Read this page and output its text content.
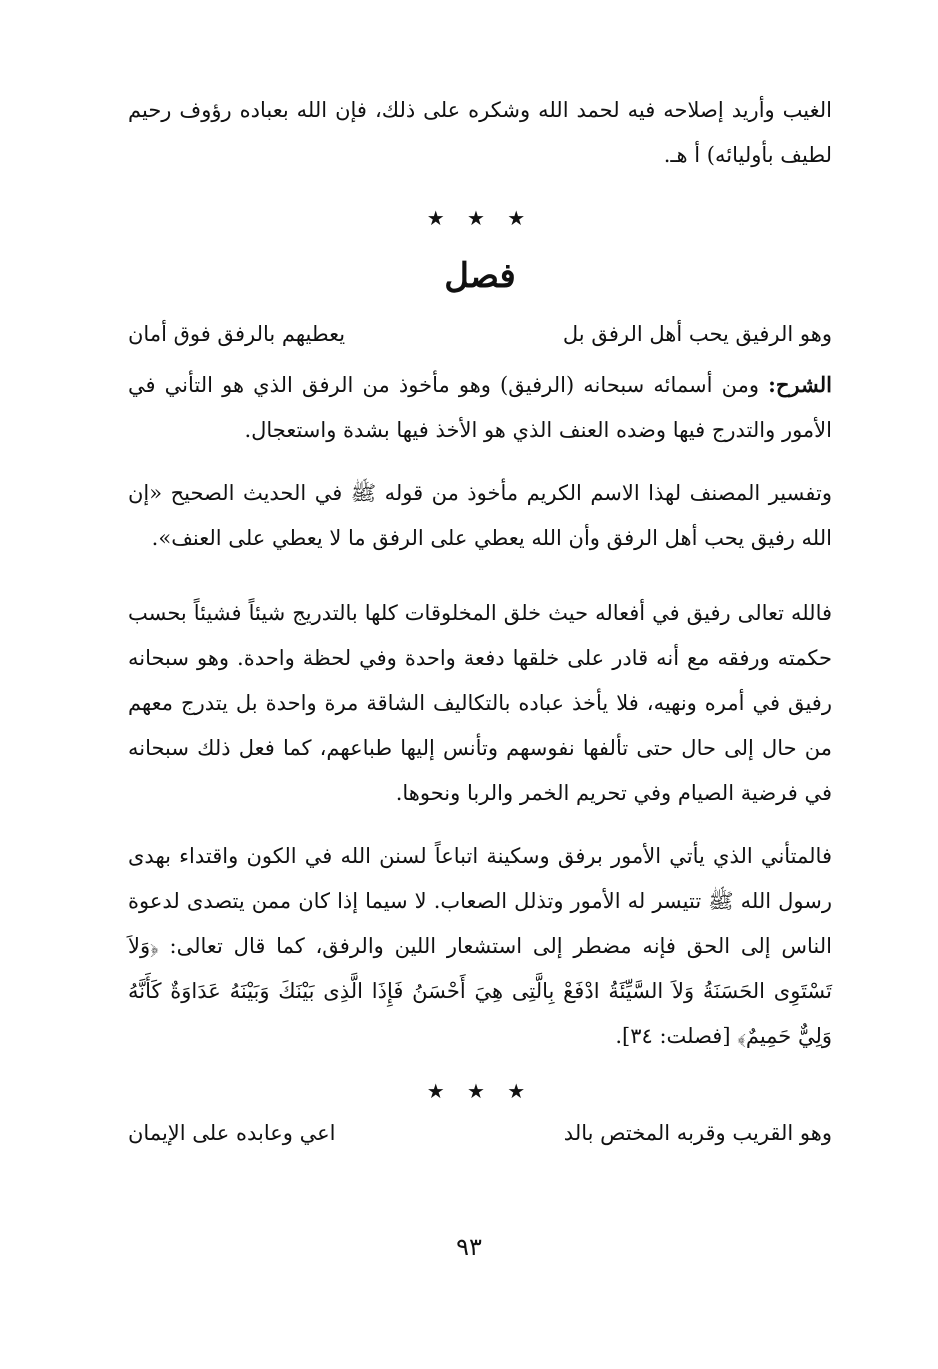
الغيب وأريد إصلاحه فيه لحمد الله وشكره على ذلك، فإن الله بعباده رؤوف رحيم لطيف بأوليائه) أ هـ.

★ ★ ★
فصل
وهو الرفيق يحب أهل الرفق بل
يعطيهم بالرفق فوق أمان

الشرح: ومن أسمائه سبحانه (الرفيق) وهو مأخوذ من الرفق الذي هو التأني في الأمور والتدرج فيها وضده العنف الذي هو الأخذ فيها بشدة واستعجال.

وتفسير المصنف لهذا الاسم الكريم مأخوذ من قوله ﷺ في الحديث الصحيح «إن الله رفيق يحب أهل الرفق وأن الله يعطي على الرفق ما لا يعطي على العنف».

فالله تعالى رفيق في أفعاله حيث خلق المخلوقات كلها بالتدريج شيئاً فشيئاً بحسب حكمته ورفقه مع أنه قادر على خلقها دفعة واحدة وفي لحظة واحدة. وهو سبحانه رفيق في أمره ونهيه، فلا يأخذ عباده بالتكاليف الشاقة مرة واحدة بل يتدرج معهم من حال إلى حال حتى تألفها نفوسهم وتأنس إليها طباعهم، كما فعل ذلك سبحانه في فرضية الصيام وفي تحريم الخمر والربا ونحوها.

فالمتأني الذي يأتي الأمور برفق وسكينة اتباعاً لسنن الله في الكون واقتداء بهدى رسول الله ﷺ تتيسر له الأمور وتذلل الصعاب. لا سيما إذا كان ممن يتصدى لدعوة الناس إلى الحق فإنه مضطر إلى استشعار اللين والرفق، كما قال تعالى: ﴿وَلاَ تَسْتَوِى الحَسَنَةُ وَلاَ السَّيِّئَةُ ادْفَعْ بِالَّتِى هِيَ أَحْسَنُ فَإِذَا الَّذِى بَيْنَكَ وَبَيْنَهُ عَدَاوَةٌ كَأَنَّهُ وَلِيٌّ حَمِيمٌ﴾ [فصلت: ٣٤].

★ ★ ★
وهو القريب وقربه المختص بالد
اعي وعابده على الإيمان
٩٣
